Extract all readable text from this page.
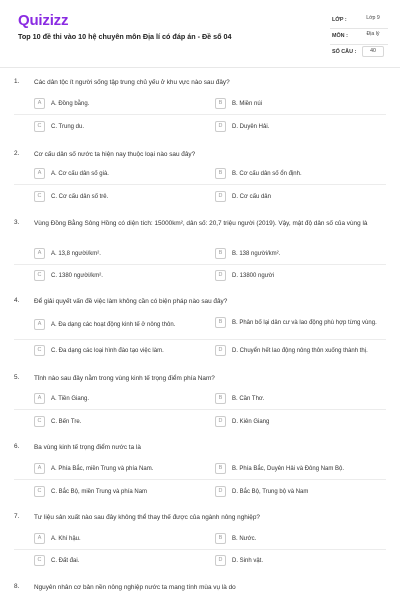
Quizizz
Top 10 đề thi vào 10 hệ chuyên môn Địa lí có đáp án - Đề số 04
LỚP :	Lớp 9
MÔN :	Địa lý
SỐ CÂU :	40
1. Các dân tộc ít người sống tập trung chủ yếu ở khu vực nào sau đây?
A	A. Đồng bằng.	B	B. Miền núi
C	C. Trung du.	D	D. Duyên Hải.
2. Cơ cấu dân số nước ta hiện nay thuộc loại nào sau đây?
A	A. Cơ cấu dân số già.	B	B. Cơ cấu dân số ổn định.
C	C. Cơ cấu dân số trẻ.	D	D. Cơ cấu dân
3. Vùng Đồng Bằng Sông Hồng có diện tích: 15000km², dân số: 20,7 triệu người (2019). Vậy, mật độ dân số của vùng là
A	A. 13,8 người/km².	B	B. 138 người/km².
C	C. 1380 người/km².	D	D. 13800 người
4. Để giải quyết vấn đề việc làm không cần có biện pháp nào sau đây?
A	A. Đa dạng các hoạt động kinh tế ở nông thôn.	B	B. Phân bố lại dân cư và lao động phù hợp từng vùng.
C	C. Đa dạng các loại hình đào tạo việc làm.	D	D. Chuyển hết lao động nông thôn xuống thành thị.
5. Tỉnh nào sau đây nằm trong vùng kinh tế trọng điểm phía Nam?
A	A. Tiền Giang.	B	B. Cần Thơ.
C	C. Bến Tre.	D	D. Kiên Giang
6. Ba vùng kinh tế trọng điểm nước ta là
A	A. Phía Bắc, miền Trung và phía Nam.	B	B. Phía Bắc, Duyên Hải và Đông Nam Bộ.
C	C. Bắc Bộ, miền Trung và phía Nam	D	D. Bắc Bộ, Trung bộ và Nam
7. Tư liệu sản xuất nào sau đây không thể thay thế được của ngành nông nghiệp?
A	A. Khí hậu.	B	B. Nước.
C	C. Đất đai.	D	D. Sinh vật.
8. Nguyên nhân cơ bản nền nông nghiệp nước ta mang tính mùa vụ là do
